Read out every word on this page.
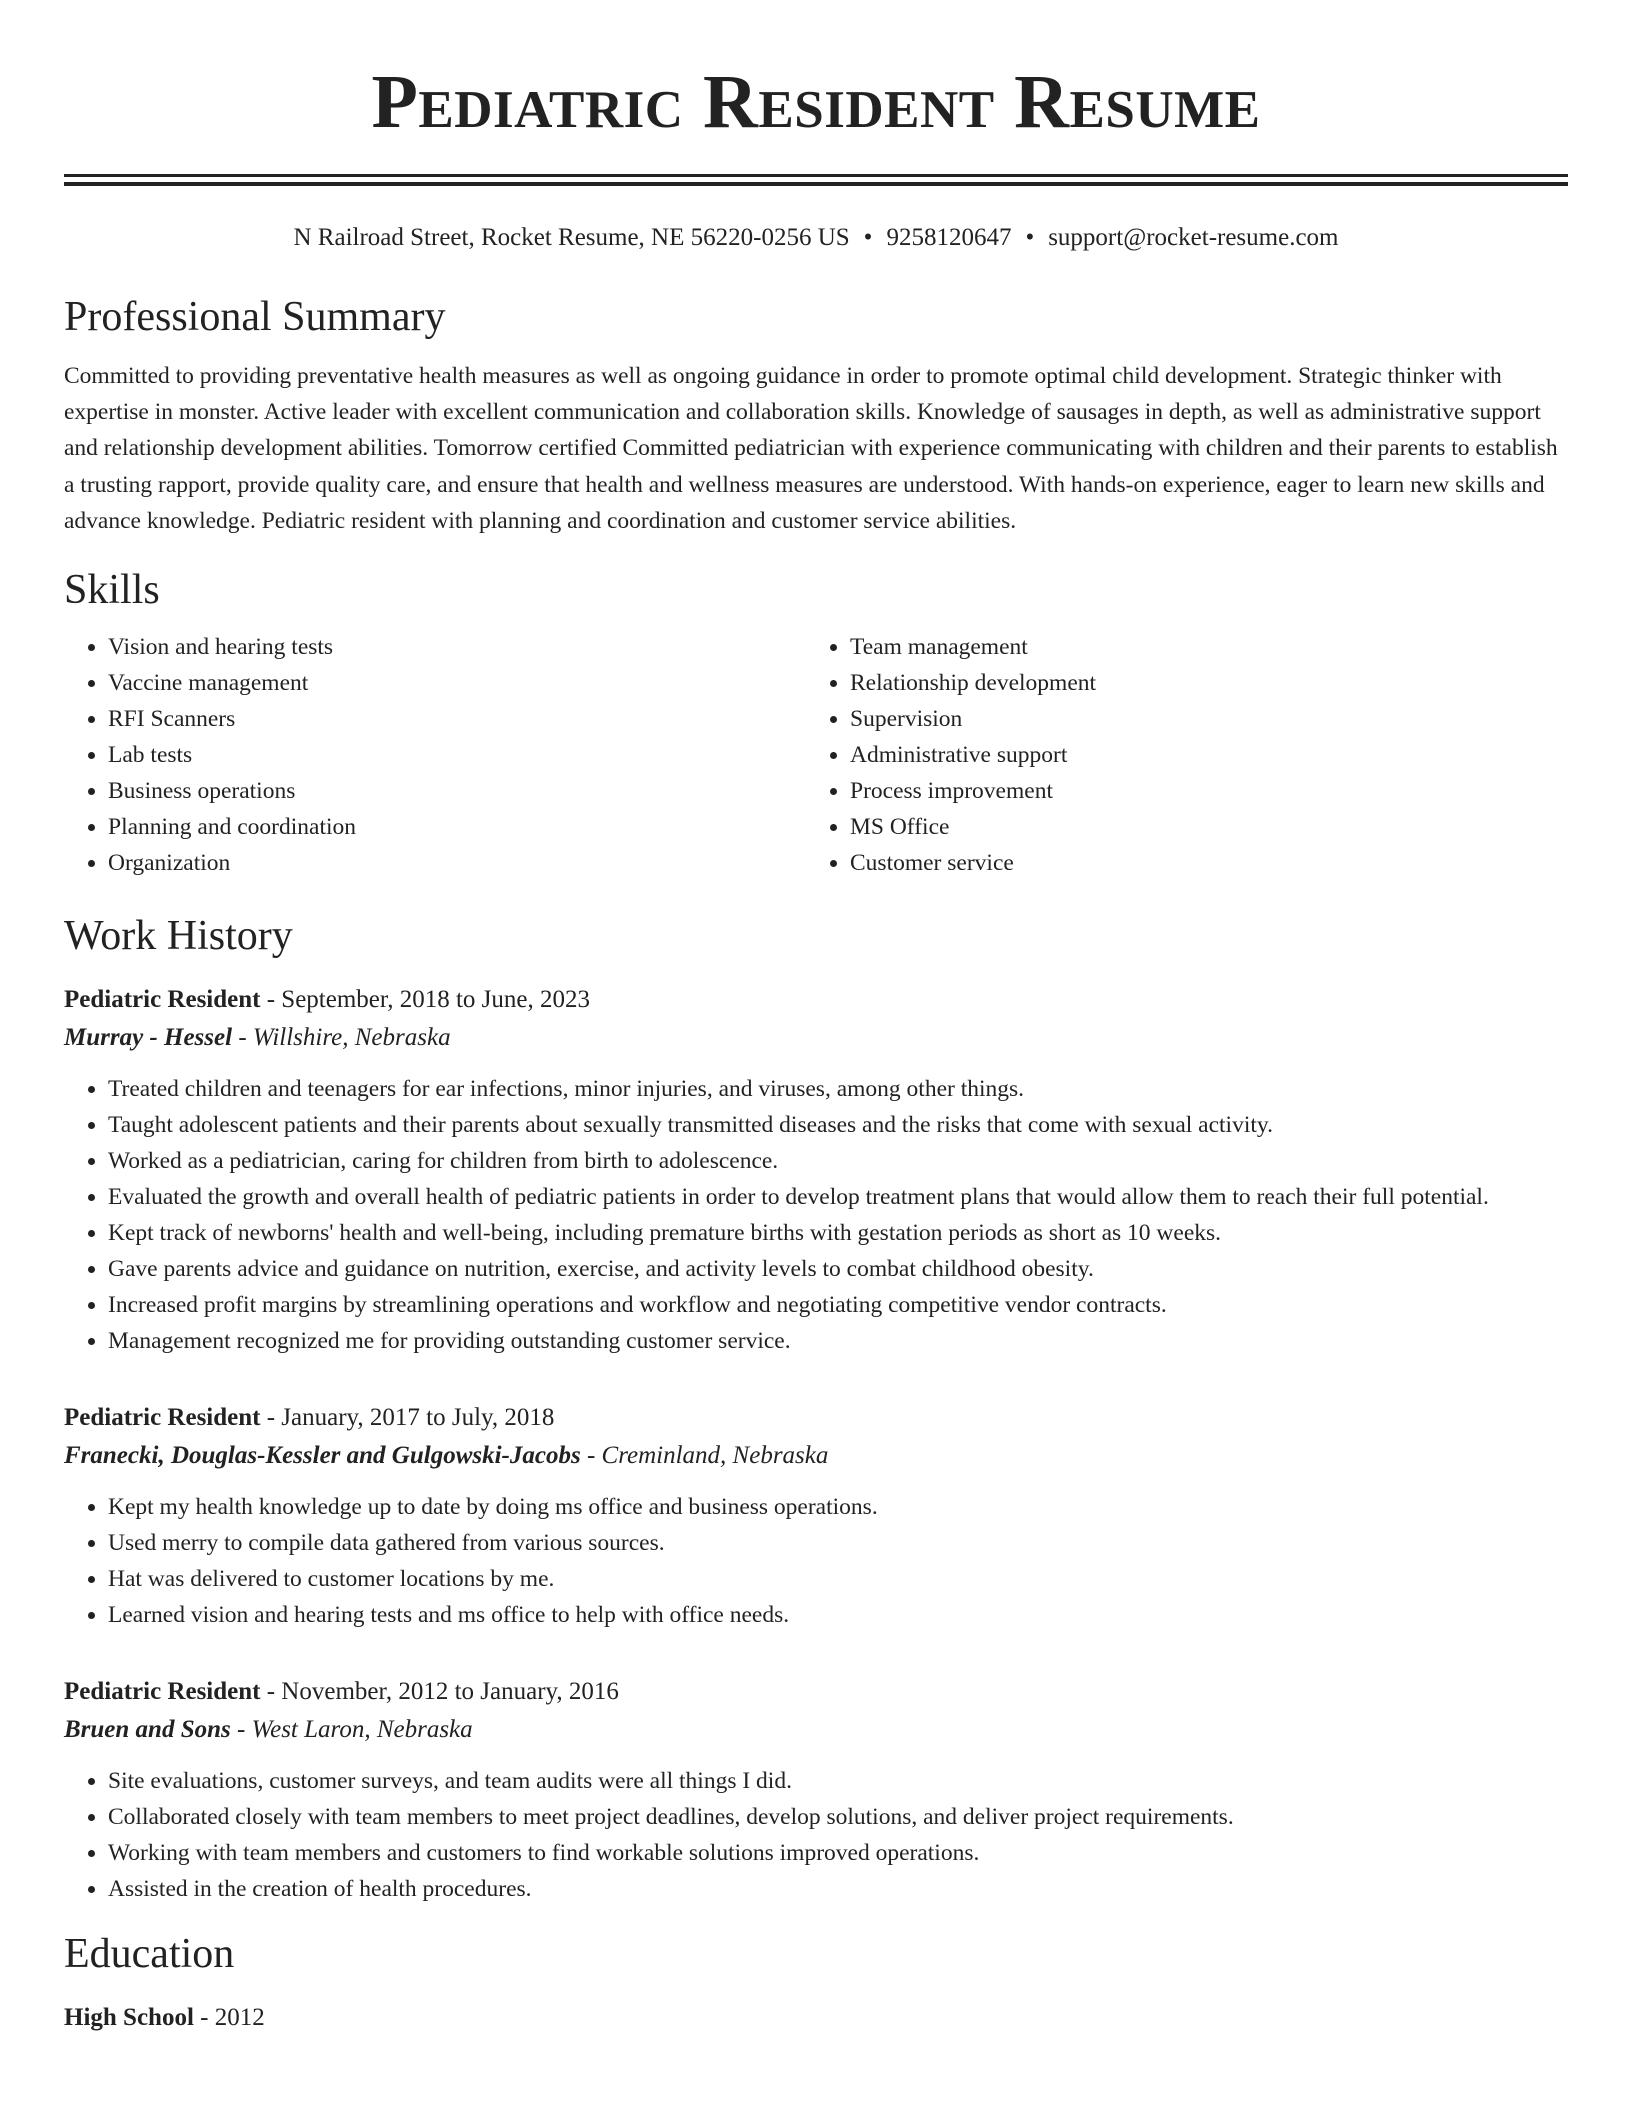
Pediatric Resident Resume
N Railroad Street, Rocket Resume, NE 56220-0256 US • 9258120647 • support@rocket-resume.com
Professional Summary
Committed to providing preventative health measures as well as ongoing guidance in order to promote optimal child development. Strategic thinker with expertise in monster. Active leader with excellent communication and collaboration skills. Knowledge of sausages in depth, as well as administrative support and relationship development abilities. Tomorrow certified Committed pediatrician with experience communicating with children and their parents to establish a trusting rapport, provide quality care, and ensure that health and wellness measures are understood. With hands-on experience, eager to learn new skills and advance knowledge. Pediatric resident with planning and coordination and customer service abilities.
Skills
• Vision and hearing tests
• Vaccine management
• RFI Scanners
• Lab tests
• Business operations
• Planning and coordination
• Organization
• Team management
• Relationship development
• Supervision
• Administrative support
• Process improvement
• MS Office
• Customer service
Work History
Pediatric Resident - September, 2018 to June, 2023
Murray - Hessel - Willshire, Nebraska
• Treated children and teenagers for ear infections, minor injuries, and viruses, among other things.
• Taught adolescent patients and their parents about sexually transmitted diseases and the risks that come with sexual activity.
• Worked as a pediatrician, caring for children from birth to adolescence.
• Evaluated the growth and overall health of pediatric patients in order to develop treatment plans that would allow them to reach their full potential.
• Kept track of newborns' health and well-being, including premature births with gestation periods as short as 10 weeks.
• Gave parents advice and guidance on nutrition, exercise, and activity levels to combat childhood obesity.
• Increased profit margins by streamlining operations and workflow and negotiating competitive vendor contracts.
• Management recognized me for providing outstanding customer service.
Pediatric Resident - January, 2017 to July, 2018
Franecki, Douglas-Kessler and Gulgowski-Jacobs - Creminland, Nebraska
• Kept my health knowledge up to date by doing ms office and business operations.
• Used merry to compile data gathered from various sources.
• Hat was delivered to customer locations by me.
• Learned vision and hearing tests and ms office to help with office needs.
Pediatric Resident - November, 2012 to January, 2016
Bruen and Sons - West Laron, Nebraska
• Site evaluations, customer surveys, and team audits were all things I did.
• Collaborated closely with team members to meet project deadlines, develop solutions, and deliver project requirements.
• Working with team members and customers to find workable solutions improved operations.
• Assisted in the creation of health procedures.
Education
High School - 2012
